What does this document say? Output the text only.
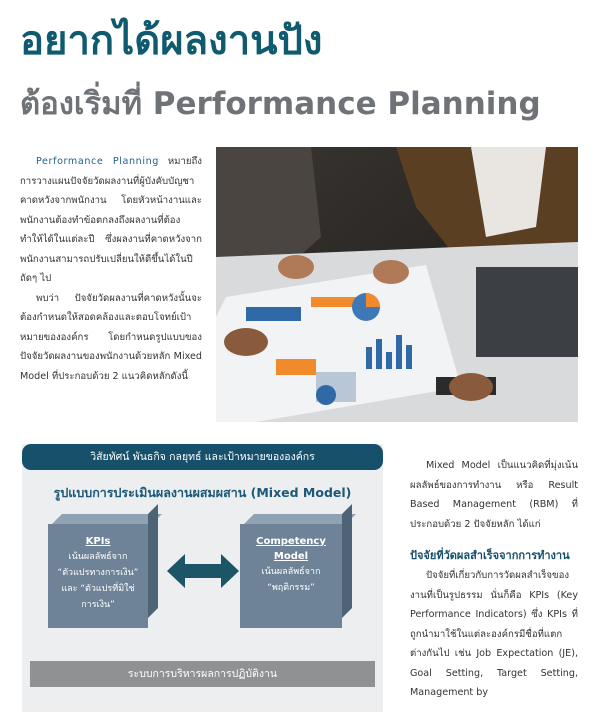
อยากได้ผลงานปัง
ต้องเริ่มที่ Performance Planning

Performance Planning หมายถึง การวางแผนปัจจัยวัดผลงานที่ผู้บังคับบัญชาคาดหวังจากพนักงาน โดยหัวหน้างานและพนักงานต้องทำข้อตกลงถึงผลงานที่ต้องทำให้ได้ในแต่ละปี ซึ่งผลงานที่คาดหวังจากพนักงานสามารถปรับเปลี่ยนให้ดีขึ้นได้ในปีถัดๆ ไป

พบว่า ปัจจัยวัดผลงานที่คาดหวังนั้นจะต้องกำหนดให้สอดคล้องและตอบโจทย์เป้าหมายขององค์กร โดยกำหนดรูปแบบของปัจจัยวัดผลงานของพนักงานด้วยหลัก Mixed Model ที่ประกอบด้วย 2 แนวคิดหลักดังนี้

วิสัยทัศน์ พันธกิจ กลยุทธ์ และเป้าหมายขององค์กร
รูปแบบการประเมินผลงานผสมผสาน (Mixed Model)
KPIs
เน้นผลลัพธ์จาก
“ตัวแปรทางการเงิน”
และ “ตัวแปรที่มิใช่
การเงิน”
Competency
Model
เน้นผลลัพธ์จาก
“พฤติกรรม”
ระบบการบริหารผลการปฏิบัติงาน

Mixed Model เป็นแนวคิดที่มุ่งเน้นผลลัพธ์ของการทำงาน หรือ Result Based Management (RBM) ที่ประกอบด้วย 2 ปัจจัยหลัก ได้แก่

ปัจจัยที่วัดผลสำเร็จจากการทำงาน

ปัจจัยที่เกี่ยวกับการวัดผลสำเร็จของงานที่เป็นรูปธรรม นั่นก็คือ KPIs (Key Performance Indicators) ซึ่ง KPIs ที่ถูกนำมาใช้ในแต่ละองค์กรมีชื่อที่แตกต่างกันไป เช่น Job Expectation (JE), Goal Setting, Target Setting, Management by
